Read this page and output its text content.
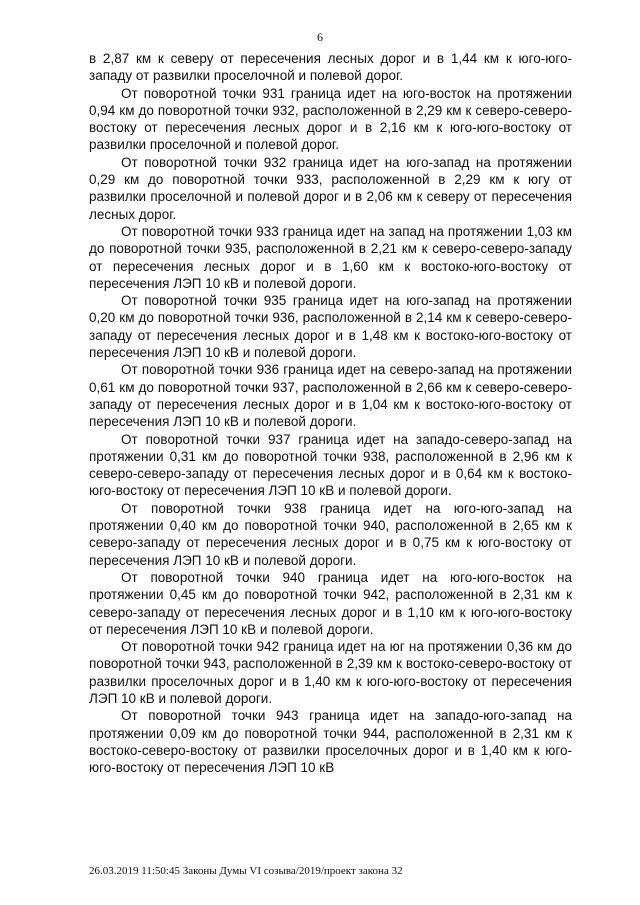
6

в 2,87 км к северу от пересечения лесных дорог и в 1,44 км к юго-юго-западу от развилки проселочной и полевой дорог.

От поворотной точки 931 граница идет на юго-восток на протяжении 0,94 км до поворотной точки 932, расположенной в 2,29 км к северо-северо-востоку от пересечения лесных дорог и в 2,16 км к юго-юго-востоку от развилки проселочной и полевой дорог.

От поворотной точки 932 граница идет на юго-запад на протяжении 0,29 км до поворотной точки 933, расположенной в 2,29 км к югу от развилки проселочной и полевой дорог и в 2,06 км к северу от пересечения лесных дорог.

От поворотной точки 933 граница идет на запад на протяжении 1,03 км до поворотной точки 935, расположенной в 2,21 км к северо-северо-западу от пересечения лесных дорог и в 1,60 км к востоко-юго-востоку от пересечения ЛЭП 10 кВ и полевой дороги.

От поворотной точки 935 граница идет на юго-запад на протяжении 0,20 км до поворотной точки 936, расположенной в 2,14 км к северо-северо-западу от пересечения лесных дорог и в 1,48 км к востоко-юго-востоку от пересечения ЛЭП 10 кВ и полевой дороги.

От поворотной точки 936 граница идет на северо-запад на протяжении 0,61 км до поворотной точки 937, расположенной в 2,66 км к северо-северо-западу от пересечения лесных дорог и в 1,04 км к востоко-юго-востоку от пересечения ЛЭП 10 кВ и полевой дороги.

От поворотной точки 937 граница идет на западо-северо-запад на протяжении 0,31 км до поворотной точки 938, расположенной в 2,96 км к северо-северо-западу от пересечения лесных дорог и в 0,64 км к востоко-юго-востоку от пересечения ЛЭП 10 кВ и полевой дороги.

От поворотной точки 938 граница идет на юго-юго-запад на протяжении 0,40 км до поворотной точки 940, расположенной в 2,65 км к северо-западу от пересечения лесных дорог и в 0,75 км к юго-востоку от пересечения ЛЭП 10 кВ и полевой дороги.

От поворотной точки 940 граница идет на юго-юго-восток на протяжении 0,45 км до поворотной точки 942, расположенной в 2,31 км к северо-западу от пересечения лесных дорог и в 1,10 км к юго-юго-востоку от пересечения ЛЭП 10 кВ и полевой дороги.

От поворотной точки 942 граница идет на юг на протяжении 0,36 км до поворотной точки 943, расположенной в 2,39 км к востоко-северо-востоку от развилки проселочных дорог и в 1,40 км к юго-юго-востоку от пересечения ЛЭП 10 кВ и полевой дороги.

От поворотной точки 943 граница идет на западо-юго-запад на протяжении 0,09 км до поворотной точки 944, расположенной в 2,31 км к востоко-северо-востоку от развилки проселочных дорог и в 1,40 км к юго-юго-востоку от пересечения ЛЭП 10 кВ

26.03.2019 11:50:45 Законы Думы VI созыва/2019/проект закона 32
